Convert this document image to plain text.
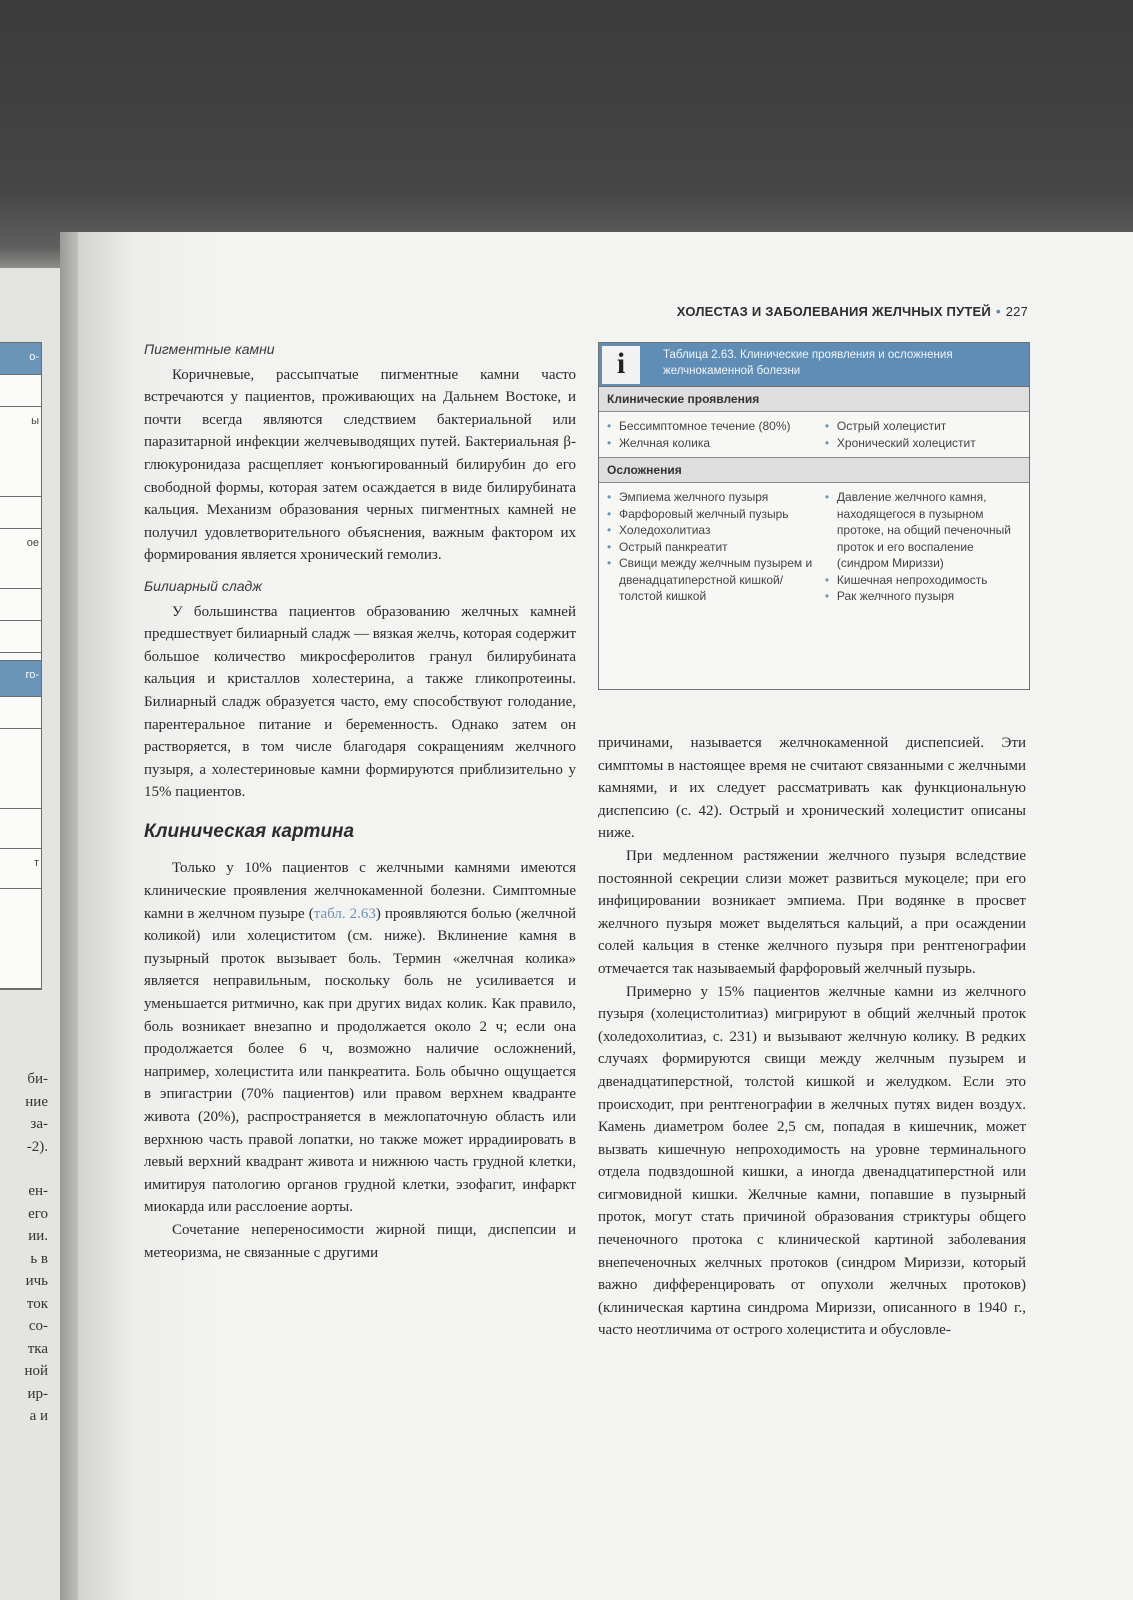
о-
ы
ое
го-
т
би-
ние
за-
-2).
ен-
его
ии.
ь в
ичь
ток
со-
тка
ной
ир-
а и
ХОЛЕСТАЗ И ЗАБОЛЕВАНИЯ ЖЕЛЧНЫХ ПУТЕЙ • 227
Пигментные камни

Коричневые, рассыпчатые пигментные камни часто встречаются у пациентов, проживающих на Дальнем Востоке, и почти всегда являются следствием бактериальной или паразитарной инфекции желчевыводящих путей. Бактериальная β-глюкуронидаза расщепляет конъюгированный билирубин до его свободной формы, которая затем осаждается в виде билирубината кальция. Механизм образования черных пигментных камней не получил удовлетворительного объяснения, важным фактором их формирования является хронический гемолиз.

Билиарный сладж

У большинства пациентов образованию желчных камней предшествует билиарный сладж — вязкая желчь, которая содержит большое количество микросферолитов гранул билирубината кальция и кристаллов холестерина, а также гликопротеины. Билиарный сладж образуется часто, ему способствуют голодание, парентеральное питание и беременность. Однако затем он растворяется, в том числе благодаря сокращениям желчного пузыря, а холестериновые камни формируются приблизительно у 15% пациентов.

Клиническая картина

Только у 10% пациентов с желчными камнями имеются клинические проявления желчнокаменной болезни. Симптомные камни в желчном пузыре (табл. 2.63) проявляются болью (желчной коликой) или холециститом (см. ниже). Вклинение камня в пузырный проток вызывает боль. Термин «желчная колика» является неправильным, поскольку боль не усиливается и уменьшается ритмично, как при других видах колик. Как правило, боль возникает внезапно и продолжается около 2 ч; если она продолжается более 6 ч, возможно наличие осложнений, например, холецистита или панкреатита. Боль обычно ощущается в эпигастрии (70% пациентов) или правом верхнем квадранте живота (20%), распространяется в межлопаточную область или верхнюю часть правой лопатки, но также может иррадиировать в левый верхний квадрант живота и нижнюю часть грудной клетки, имитируя патологию органов грудной клетки, эзофагит, инфаркт миокарда или расслоение аорты.

Сочетание непереносимости жирной пищи, диспепсии и метеоризма, не связанные с другими

i	Таблица 2.63. Клинические проявления и осложнения желчнокаменной болезни
Клинические проявления
• Бессимптомное течение (80%)
• Желчная колика
• Острый холецистит
• Хронический холецистит
Осложнения
• Эмпиема желчного пузыря
• Фарфоровый желчный пузырь
• Холедохолитиаз
• Острый панкреатит
• Свищи между желчным пузырем и двенадцатиперстной кишкой/толстой кишкой
• Давление желчного камня, находящегося в пузырном протоке, на общий печеночный проток и его воспаление (синдром Мириззи)
• Кишечная непроходимость
• Рак желчного пузыря

причинами, называется желчнокаменной диспепсией. Эти симптомы в настоящее время не считают связанными с желчными камнями, и их следует рассматривать как функциональную диспепсию (с. 42). Острый и хронический холецистит описаны ниже.

При медленном растяжении желчного пузыря вследствие постоянной секреции слизи может развиться мукоцеле; при его инфицировании возникает эмпиема. При водянке в просвет желчного пузыря может выделяться кальций, а при осаждении солей кальция в стенке желчного пузыря при рентгенографии отмечается так называемый фарфоровый желчный пузырь.

Примерно у 15% пациентов желчные камни из желчного пузыря (холецистолитиаз) мигрируют в общий желчный проток (холедохолитиаз, с. 231) и вызывают желчную колику. В редких случаях формируются свищи между желчным пузырем и двенадцатиперстной, толстой кишкой и желудком. Если это происходит, при рентгенографии в желчных путях виден воздух. Камень диаметром более 2,5 см, попадая в кишечник, может вызвать кишечную непроходимость на уровне терминального отдела подвздошной кишки, а иногда двенадцатиперстной или сигмовидной кишки. Желчные камни, попавшие в пузырный проток, могут стать причиной образования стриктуры общего печеночного протока с клинической картиной заболевания внепеченочных желчных протоков (синдром Мириззи, который важно дифференцировать от опухоли желчных протоков) (клиническая картина синдрома Мириззи, описанного в 1940 г., часто неотличима от острого холецистита и обусловле-
